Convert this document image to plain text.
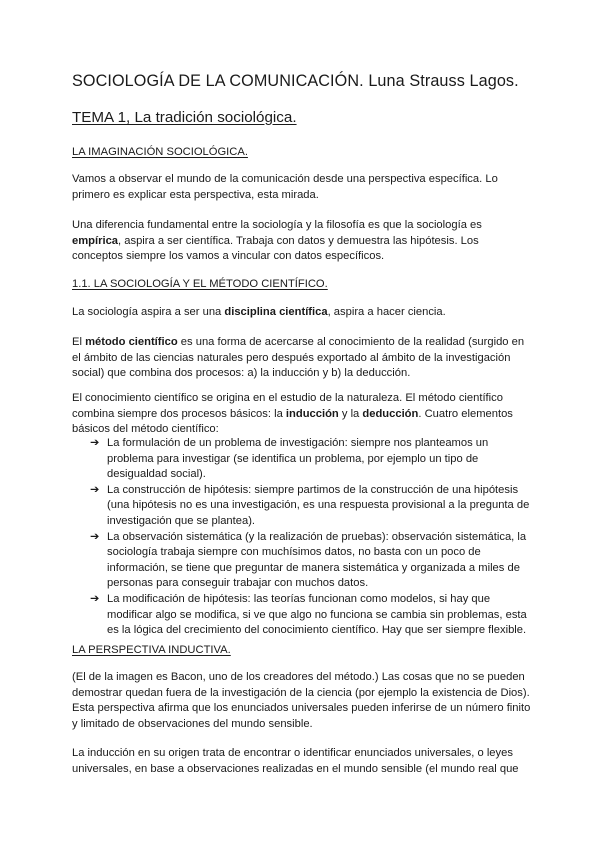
SOCIOLOGÍA DE LA COMUNICACIÓN. Luna Strauss Lagos.
TEMA 1, La tradición sociológica.
LA IMAGINACIÓN SOCIOLÓGICA.

Vamos a observar el mundo de la comunicación desde una perspectiva específica. Lo primero es explicar esta perspectiva, esta mirada.

Una diferencia fundamental entre la sociología y la filosofía es que la sociología es empírica, aspira a ser científica. Trabaja con datos y demuestra las hipótesis. Los conceptos siempre los vamos a vincular con datos específicos.

1.1. LA SOCIOLOGÍA Y EL MÉTODO CIENTÍFICO.

La sociología aspira a ser una disciplina científica, aspira a hacer ciencia.

El método científico es una forma de acercarse al conocimiento de la realidad (surgido en el ámbito de las ciencias naturales pero después exportado al ámbito de la investigación social) que combina dos procesos: a) la inducción y b) la deducción.

El conocimiento científico se origina en el estudio de la naturaleza. El método científico combina siempre dos procesos básicos: la inducción y la deducción. Cuatro elementos básicos del método científico:

➔ La formulación de un problema de investigación: siempre nos planteamos un problema para investigar (se identifica un problema, por ejemplo un tipo de desigualdad social).
➔ La construcción de hipótesis: siempre partimos de la construcción de una hipótesis (una hipótesis no es una investigación, es una respuesta provisional a la pregunta de investigación que se plantea).
➔ La observación sistemática (y la realización de pruebas): observación sistemática, la sociología trabaja siempre con muchísimos datos, no basta con un poco de información, se tiene que preguntar de manera sistemática y organizada a miles de personas para conseguir trabajar con muchos datos.
➔ La modificación de hipótesis: las teorías funcionan como modelos, si hay que modificar algo se modifica, si ve que algo no funciona se cambia sin problemas, esta es la lógica del crecimiento del conocimiento científico. Hay que ser siempre flexible.
LA PERSPECTIVA INDUCTIVA.

(El de la imagen es Bacon, uno de los creadores del método.) Las cosas que no se pueden demostrar quedan fuera de la investigación de la ciencia (por ejemplo la existencia de Dios). Esta perspectiva afirma que los enunciados universales pueden inferirse de un número finito y limitado de observaciones del mundo sensible.

La inducción en su origen trata de encontrar o identificar enunciados universales, o leyes universales, en base a observaciones realizadas en el mundo sensible (el mundo real que
